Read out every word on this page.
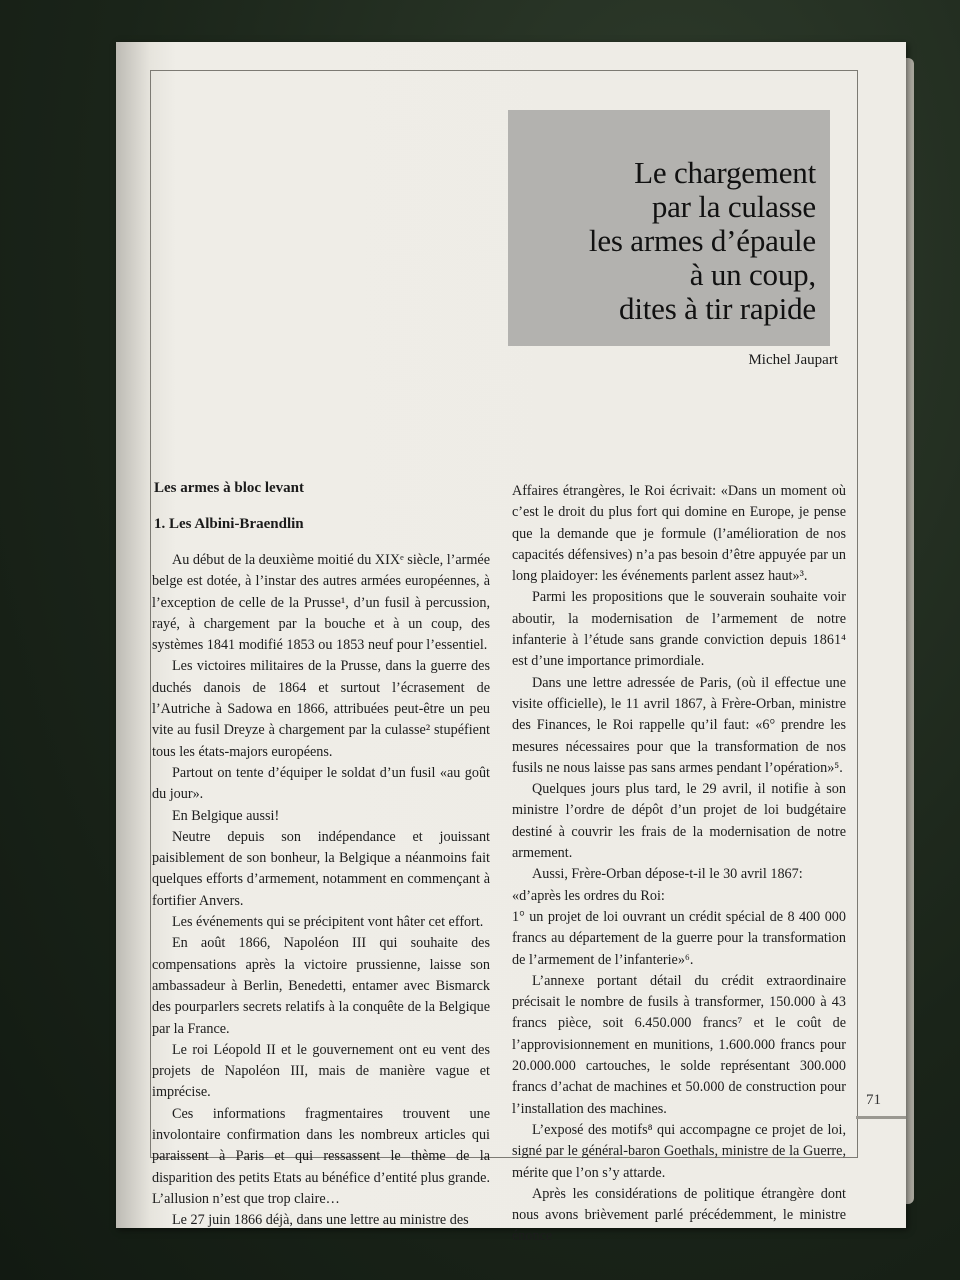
Le chargement
par la culasse
les armes d’épaule
à un coup,
dites à tir rapide
Michel Jaupart
Les armes à bloc levant
1. Les Albini-Braendlin

Au début de la deuxième moitié du XIXᵉ siècle, l’armée belge est dotée, à l’instar des autres armées européennes, à l’exception de celle de la Prusse¹, d’un fusil à percussion, rayé, à chargement par la bouche et à un coup, des systèmes 1841 modifié 1853 ou 1853 neuf pour l’essentiel.

Les victoires militaires de la Prusse, dans la guerre des duchés danois de 1864 et surtout l’écrasement de l’Autriche à Sadowa en 1866, attribuées peut-être un peu vite au fusil Dreyze à chargement par la culasse² stupéfient tous les états-majors européens.

Partout on tente d’équiper le soldat d’un fusil «au goût du jour».

En Belgique aussi!

Neutre depuis son indépendance et jouissant paisiblement de son bonheur, la Belgique a néanmoins fait quelques efforts d’armement, notamment en commençant à fortifier Anvers.

Les événements qui se précipitent vont hâter cet effort.

En août 1866, Napoléon III qui souhaite des compensations après la victoire prussienne, laisse son ambassadeur à Berlin, Benedetti, entamer avec Bismarck des pourparlers secrets relatifs à la conquête de la Belgique par la France.

Le roi Léopold II et le gouvernement ont eu vent des projets de Napoléon III, mais de manière vague et imprécise.

Ces informations fragmentaires trouvent une involontaire confirmation dans les nombreux articles qui paraissent à Paris et qui ressassent le thème de la disparition des petits Etats au bénéfice d’entité plus grande. L’allusion n’est que trop claire…

Le 27 juin 1866 déjà, dans une lettre au ministre des

Affaires étrangères, le Roi écrivait: «Dans un moment où c’est le droit du plus fort qui domine en Europe, je pense que la demande que je formule (l’amélioration de nos capacités défensives) n’a pas besoin d’être appuyée par un long plaidoyer: les événements parlent assez haut»³.

Parmi les propositions que le souverain souhaite voir aboutir, la modernisation de l’armement de notre infanterie à l’étude sans grande conviction depuis 1861⁴ est d’une importance primordiale.

Dans une lettre adressée de Paris, (où il effectue une visite officielle), le 11 avril 1867, à Frère-Orban, ministre des Finances, le Roi rappelle qu’il faut: «6° prendre les mesures nécessaires pour que la transformation de nos fusils ne nous laisse pas sans armes pendant l’opération»⁵.

Quelques jours plus tard, le 29 avril, il notifie à son ministre l’ordre de dépôt d’un projet de loi budgétaire destiné à couvrir les frais de la modernisation de notre armement.

Aussi, Frère-Orban dépose-t-il le 30 avril 1867:

«d’après les ordres du Roi:

1° un projet de loi ouvrant un crédit spécial de 8 400 000 francs au département de la guerre pour la transformation de l’armement de l’infanterie»⁶.

L’annexe portant détail du crédit extraordinaire précisait le nombre de fusils à transformer, 150.000 à 43 francs pièce, soit 6.450.000 francs⁷ et le coût de l’approvisionnement en munitions, 1.600.000 francs pour 20.000.000 cartouches, le solde représentant 300.000 francs d’achat de machines et 50.000 de construction pour l’installation des machines.

L’exposé des motifs⁸ qui accompagne ce projet de loi, signé par le général-baron Goethals, ministre de la Guerre, mérite que l’on s’y attarde.

Après les considérations de politique étrangère dont nous avons brièvement parlé précédemment, le ministre énonce

71
